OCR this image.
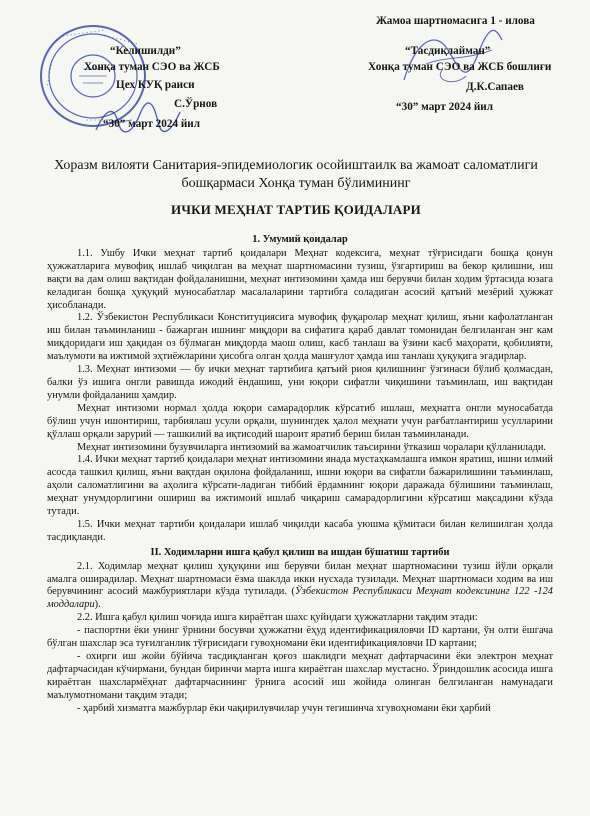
· · · · · · · · · · ·
· · · · · · · · ·
· · · · · · ·
· · · · · ·
Жамоа шартномасига 1 - илова
“Келишилди”
Хонқа туман СЭО ва ЖСБ
Цех КУҚ раиси
С.Ўрнов
“30” март 2024 йил
“Тасдиқлайман”
Хонқа туман СЭО ва ЖСБ бошлиғи
Д.К.Сапаев
“30” март 2024 йил
Хоразм вилояти Санитария-эпидемиологик осойиштаилк ва жамоат саломатлиги
бошқармаси Хонқа туман бўлимининг
ИЧКИ МЕҲНАТ ТАРТИБ ҚОИДАЛАРИ

1. Умумий қоидалар

1.1. Ушбу Ички меҳнат тартиб қоидалари Меҳнат кодексига, меҳнат тўғрисидаги бошқа қонун ҳужжатларига мувофиқ ишлаб чиқилган ва меҳнат шартномасини тузиш, ўзгартириш ва бекор қилишни, иш вақти ва дам олиш вақтидан фойдаланишни, меҳнат интизомини ҳамда иш берувчи билан ходим ўртасида юзага келадиган бошқа ҳуқуқий муносабатлар масалаларини тартибга соладиган асосий қатъий мезёрий ҳужжат ҳисобланади.

1.2. Ўзбекистон Республикаси Конституциясига мувофиқ фуқаролар меҳнат қилиш, яъни кафолатланган иш билан таъминланиш - бажарган ишнинг миқдори ва сифатига қараб давлат томонидан белгиланган энг кам миқдоридаги иш ҳақидан оз бўлмаган миқдорда маош олиш, касб танлаш ва ўзини касб маҳорати, қобилияти, маълумоти ва ижтимой эҳтиёжларини ҳисобга олган ҳолда машғулот ҳамда иш танлаш ҳуқуқига эгадирлар.

1.3. Меҳнат интизоми — бу ички меҳнат тартибига қатъий риоя қилишнинг ўзгинаси бўлиб қолмасдан, балки ўз ишига онгли равишда ижодий ёндашиш, уни юқори сифатли чиқишини таъминлаш, иш вақтидан унумли фойдаланиш ҳамдир.

Меҳнат интизоми нормал ҳолда юқори самарадорлик кўрсатиб ишлаш, меҳнатга онгли муносабатда бўлиш учун ишонтириш, тарбиялаш усули орқали, шунингдек ҳалол меҳнати учун рағбатлантириш усулларини қўллаш орқали зарурий — ташкилий ва иқтисодий шароит яратиб бериш билан таъминланади.

Меҳнат интизомини бузувчиларга интизомий ва жамоатчилик таъсирини ўтказиш чоралари қўлланилади.

1.4. Ички меҳнат тартиб қоидалари меҳнат интизомини янада мустаҳкамлашга имкон яратиш, ишни илмий асосда ташкил қилиш, яъни вақтдан оқилона фойдаланиш, ишни юқори ва сифатли бажарилишини таъминлаш, аҳоли саломатлигини ва аҳолига кўрсати-ладиган тиббий ёрдамнинг юқори даражада бўлишини таъминлаш, меҳнат унумдорлигини ошириш ва ижтимоий ишлаб чиқариш самарадорлигини кўрсатиш мақсадини кўзда тутади.

1.5. Ички меҳнат тартиби қоидалари ишлаб чиқилди касаба уюшма қўмитаси билан келишилган ҳолда тасдиқланди.

II. Ходимларни ишга қабул қилиш ва ишдан бўшатиш тартиби

2.1. Ходимлар меҳнат қилиш ҳуқуқини иш берувчи билан меҳнат шартномасини тузиш йўли орқали амалга оширадилар. Меҳнат шартномаси ёзма шаклда икки нусхада тузилади. Меҳнат шартномаси ходим ва иш берувчининг асосий мажбуриятлари кўзда тутилади. (Ўзбекистон Республикаси Меҳнат кодексининг 122 -124 моддалари).

2.2. Ишга қабул қилиш чоғида ишга кираётган шахс қуйидаги ҳужжатларни тақдим этади:

- паспортни ёки унинг ўрнини босувчи ҳужжатни ёҳуд идентификацияловчи ID картани, ўн олти ёшгача бўлган шахслар эса туғилганлик тўғрисидаги гувоҳномани ёки идентификацияловчи ID картани;

- охирги иш жойи бўйича тасдиқланган қоғоз шаклидги меҳнат дафтарчасини ёки электрон меҳнат дафтарчасидан кўчирмани, бундан биринчи марта ишга кираётган шахслар мустасно. Ўриндошлик асосида ишга кираётган шахслармӗҳнат дафтарчасининг ўрнига асосий иш жойида олинган белгиланган намунадаги маълумотномани тақдим этади;

- ҳарбий хизматга мажбурлар ёки чақирилувчилар учун тегишинча хгувоҳномани ёки ҳарбий
